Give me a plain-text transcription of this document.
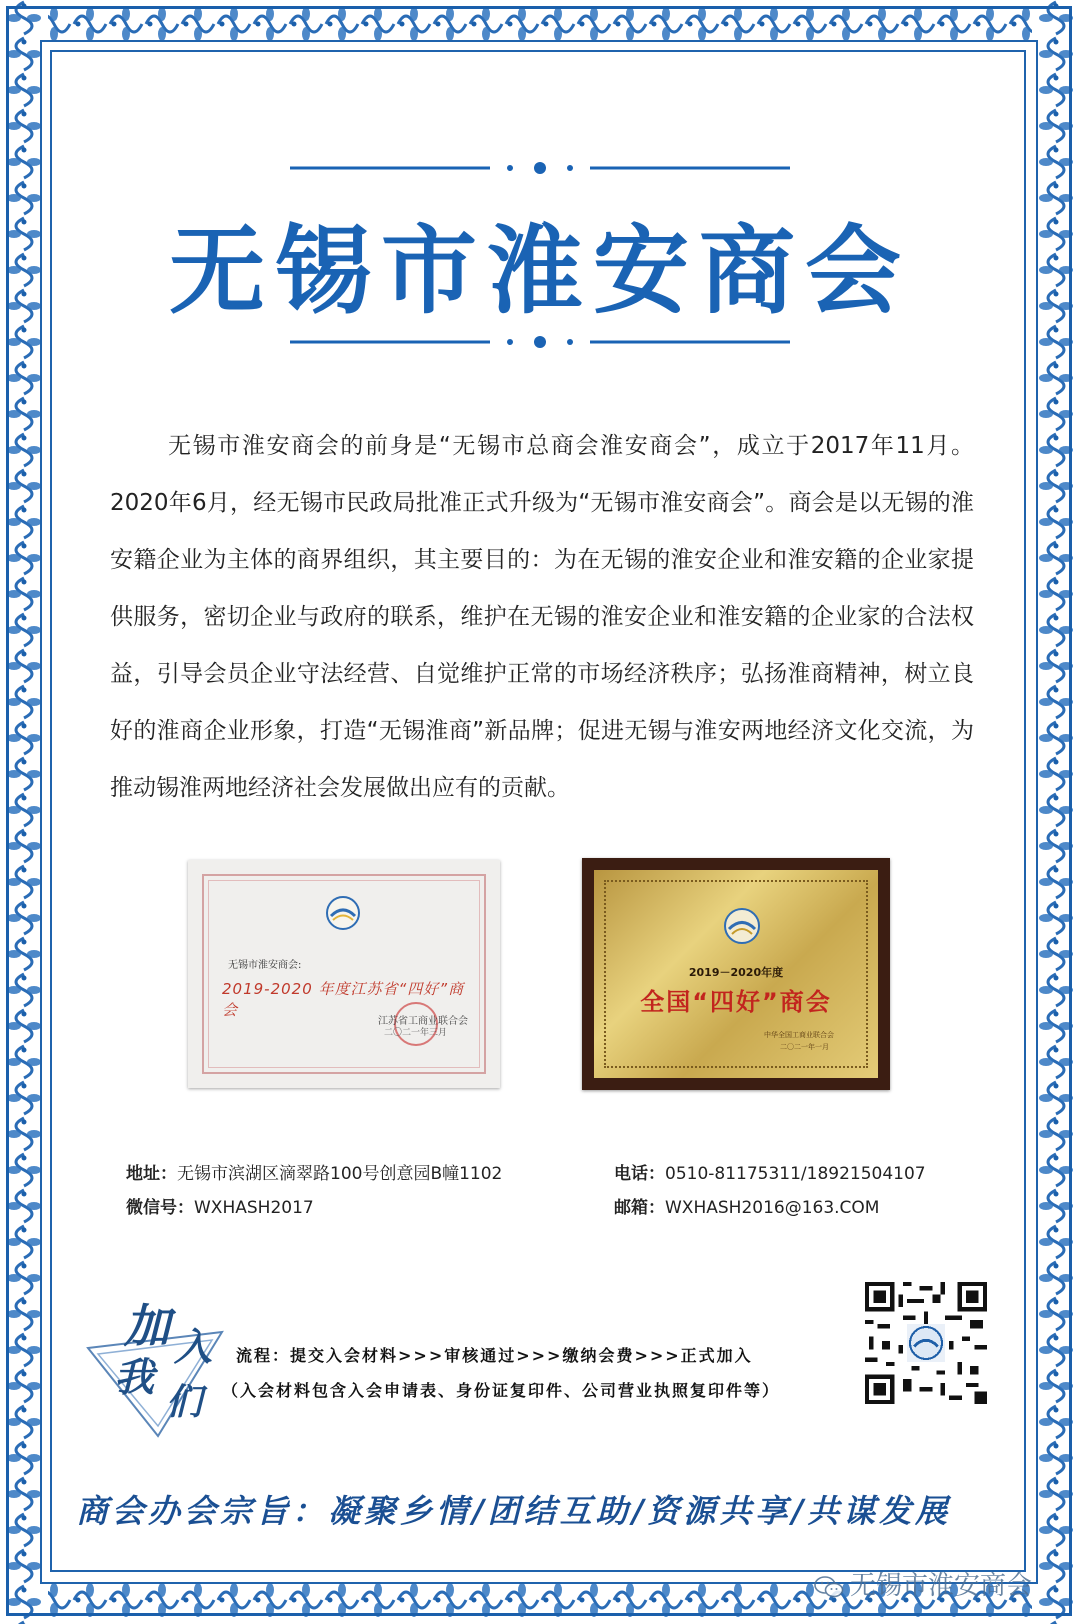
无锡市淮安商会
无锡市淮安商会的前身是“无锡市总商会淮安商会”，成立于2017年11月。2020年6月，经无锡市民政局批准正式升级为“无锡市淮安商会”。商会是以无锡的淮安籍企业为主体的商界组织，其主要目的：为在无锡的淮安企业和淮安籍的企业家提供服务，密切企业与政府的联系，维护在无锡的淮安企业和淮安籍的企业家的合法权益，引导会员企业守法经营、自觉维护正常的市场经济秩序；弘扬淮商精神，树立良好的淮商企业形象，打造“无锡淮商”新品牌；促进无锡与淮安两地经济文化交流，为推动锡淮两地经济社会发展做出应有的贡献。
无锡市淮安商会:
2019-2020 年度江苏省“四好”商会
江苏省工商业联合会
二〇二一年三月
2019－2020年度
全国“四好”商会
中华全国工商业联合会
二〇二一年一月
地址：无锡市滨湖区滴翠路100号创意园B幢1102	电话：0510-81175311/18921504107
微信号：WXHASH2017	邮箱：WXHASH2016@163.COM
加 入
我
们
流程：提交入会材料>>>审核通过>>>缴纳会费>>>正式加入
（入会材料包含入会申请表、身份证复印件、公司营业执照复印件等）
商会办会宗旨：凝聚乡情/团结互助/资源共享/共谋发展
无锡市淮安商会
